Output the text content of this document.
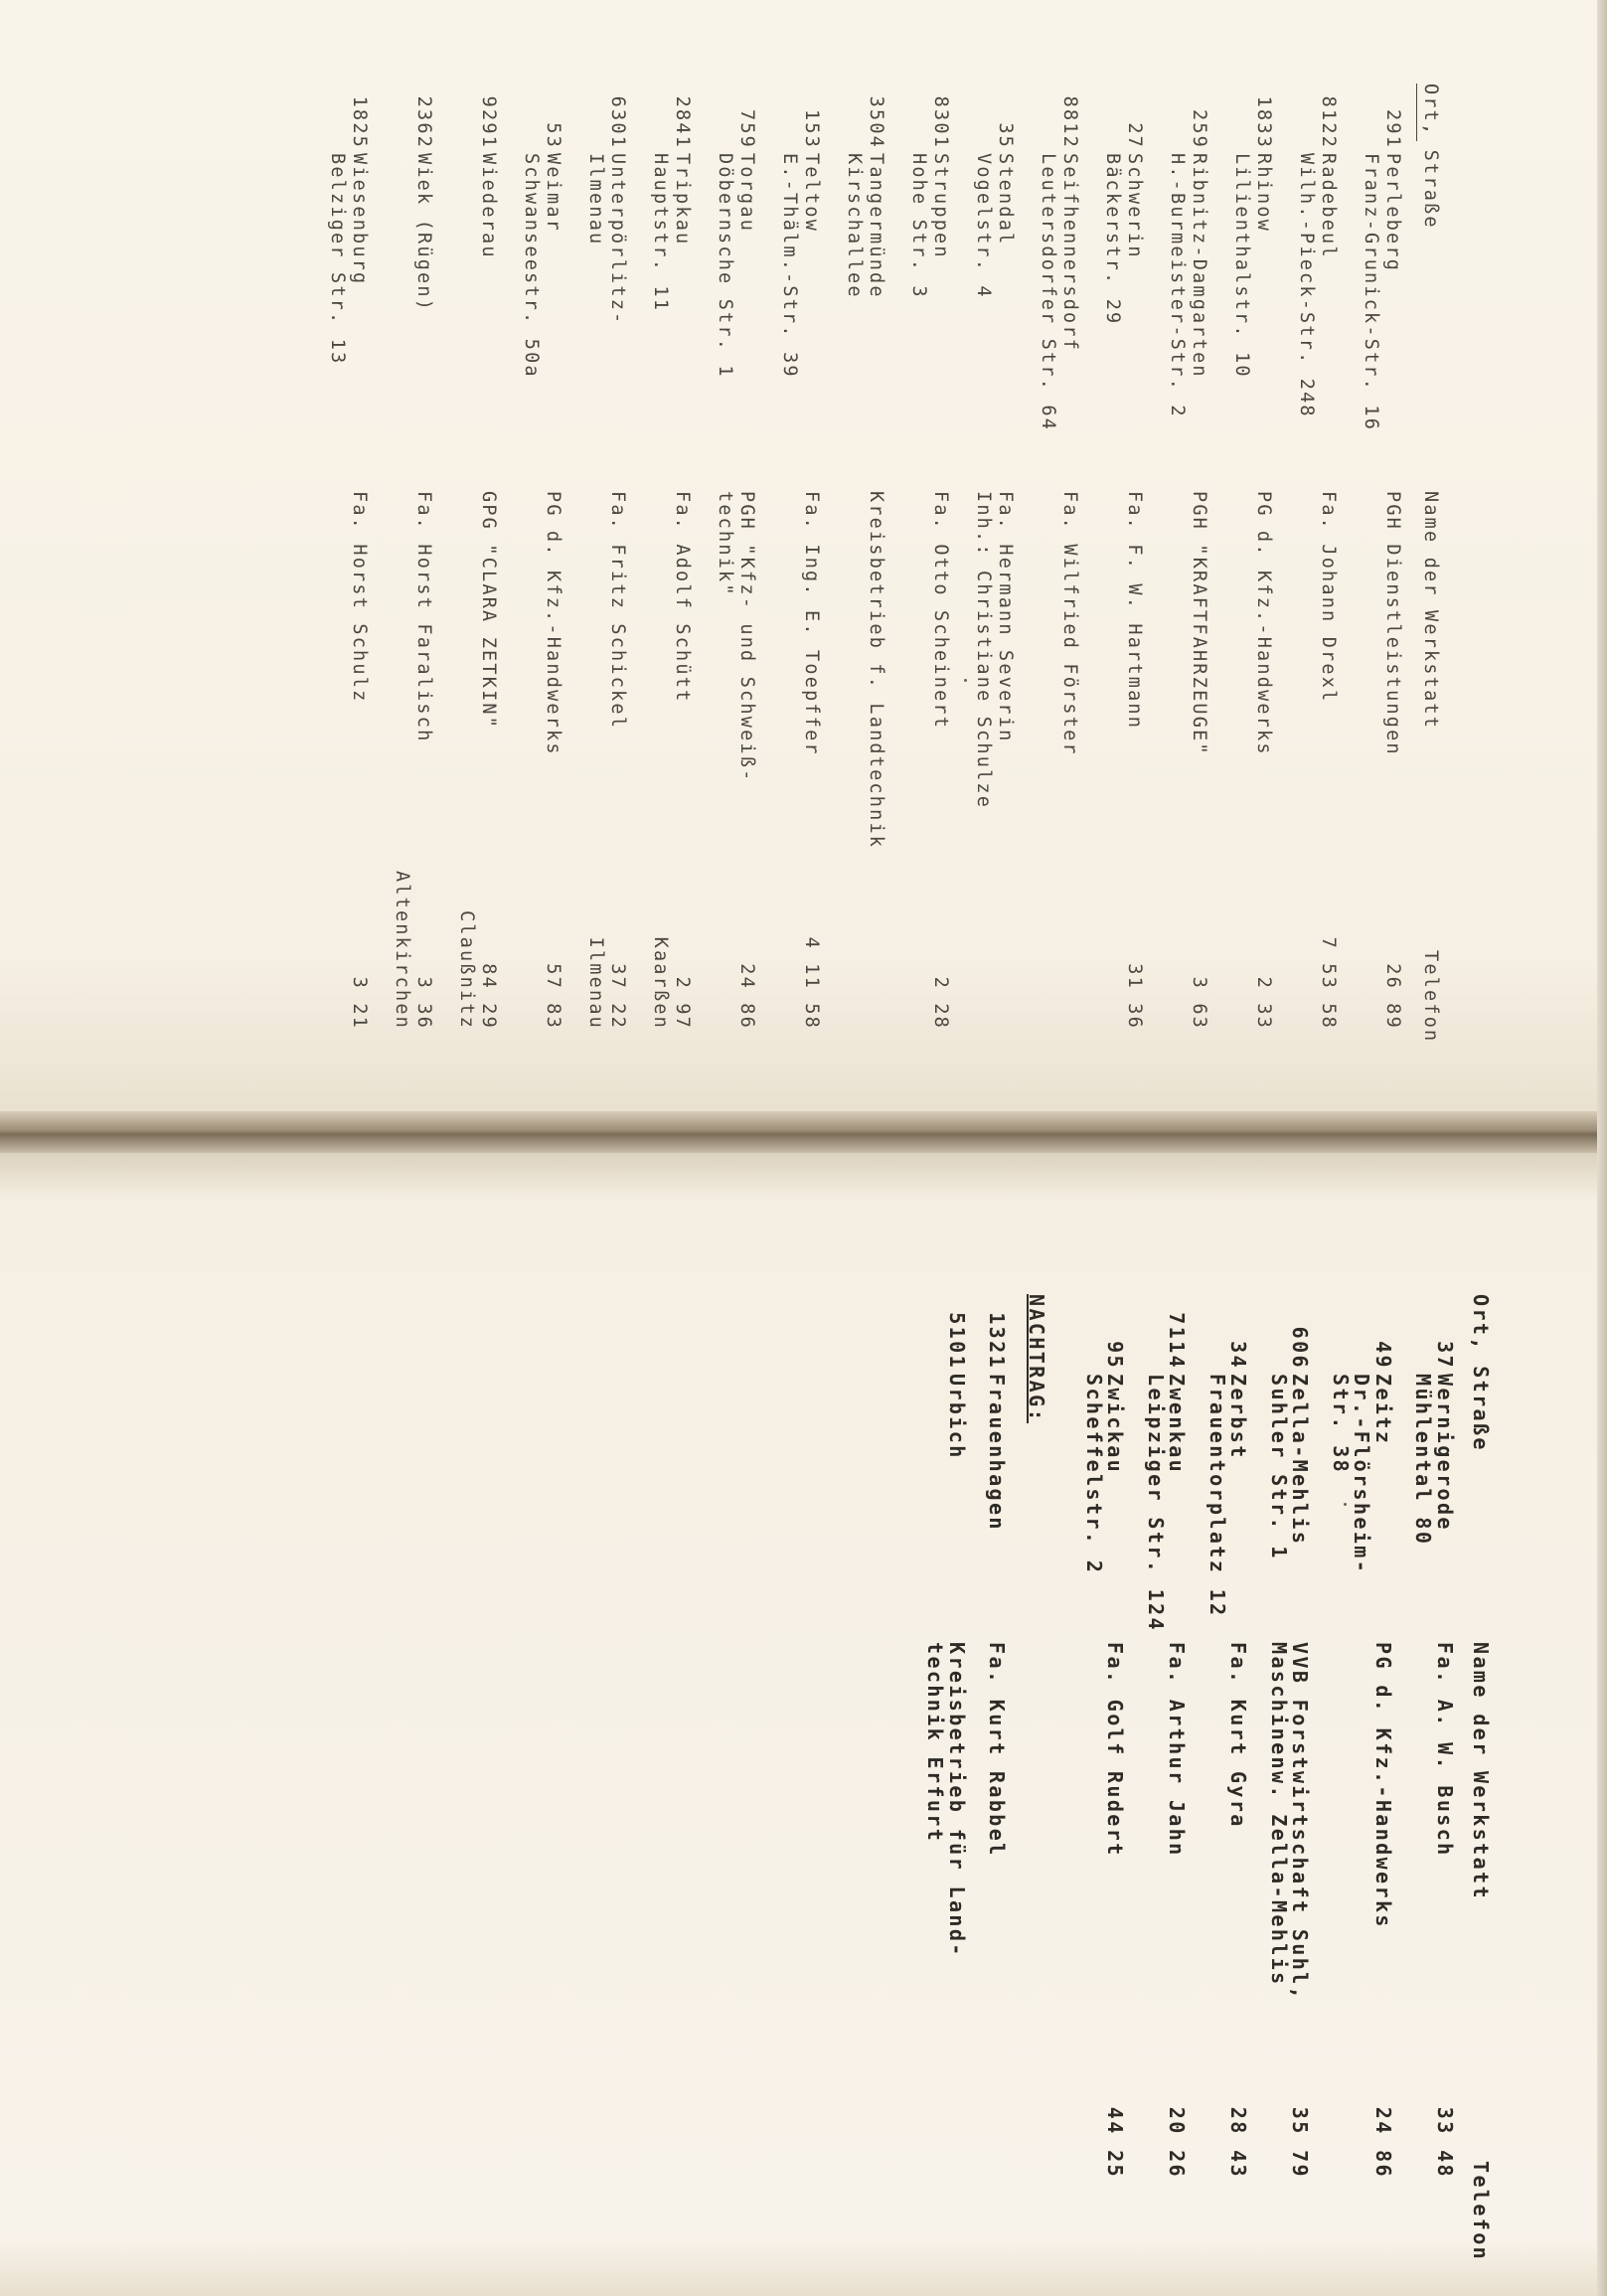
Ort, Straße
Name der Werkstatt
Telefon
291
Perleberg
Franz-Grunick-Str. 16
PGH Dienstleistungen
26 89
8122
Radebeul
Wilh.-Pieck-Str. 248
Fa. Johann Drexl
7 53 58
1833
Rhinow
Lilienthalstr. 10
PG d. Kfz.-Handwerks
2 33
259
Ribnitz-Damgarten
H.-Burmeister-Str. 2
PGH "KRAFTFAHRZEUGE"
3 63
27
Schwerin
Bäckerstr. 29
Fa. F. W. Hartmann
31 36
8812
Seifhennersdorf
Leutersdorfer Str. 64
Fa. Wilfried Förster

35
Stendal
Vogelstr. 4
Fa. Hermann Severin
Inh.: Christiane Schulze

8301
Struppen
Hohe Str. 3
Fa. Otto Scheinert
2 28
3504
Tangermünde
Kirschallee
Kreisbetrieb f. Landtechnik

153
Teltow
E.-Thälm.-Str. 39
Fa. Ing. E. Toepffer
4 11 58
759
Torgau
Döbernsche Str. 1
PGH "Kfz- und Schweiß-
technik"
24 86
2841
Tripkau
Hauptstr. 11
Fa. Adolf Schütt
2 97
Kaarßen
6301
Unterpörlitz-
Ilmenau
Fa. Fritz Schickel
37 22
Ilmenau
53
Weimar
Schwanseestr. 50a
PG d. Kfz.-Handwerks
57 83
9291
Wiederau
GPG "CLARA ZETKIN"
84 29
Claußnitz
2362
Wiek (Rügen)
Fa. Horst Faralisch
3 36
Altenkirchen
1825
Wiesenburg
Belziger Str. 13
Fa. Horst Schulz
3 21
Ort, Straße
Name der Werkstatt
Telefon
37
Wernigerode
Mühlental 80
Fa. A. W. Busch
33 48
49
Zeitz
Dr.-Flörsheim-
Str. 38
PG d. Kfz.-Handwerks
24 86
606
Zella-Mehlis
Suhler Str. 1
VVB Forstwirtschaft Suhl,
Maschinenw. Zella-Mehlis
35 79
34
Zerbst
Frauentorplatz 12
Fa. Kurt Gyra
28 43
7114
Zwenkau
Leipziger Str. 124
Fa. Arthur Jahn
20 26
95
Zwickau
Scheffelstr. 2
Fa. Golf Rudert
44 25
NACHTRAG:
1321
Frauenhagen
Fa. Kurt Rabbel

5101
Urbich
Kreisbetrieb für Land-
technik Erfurt
